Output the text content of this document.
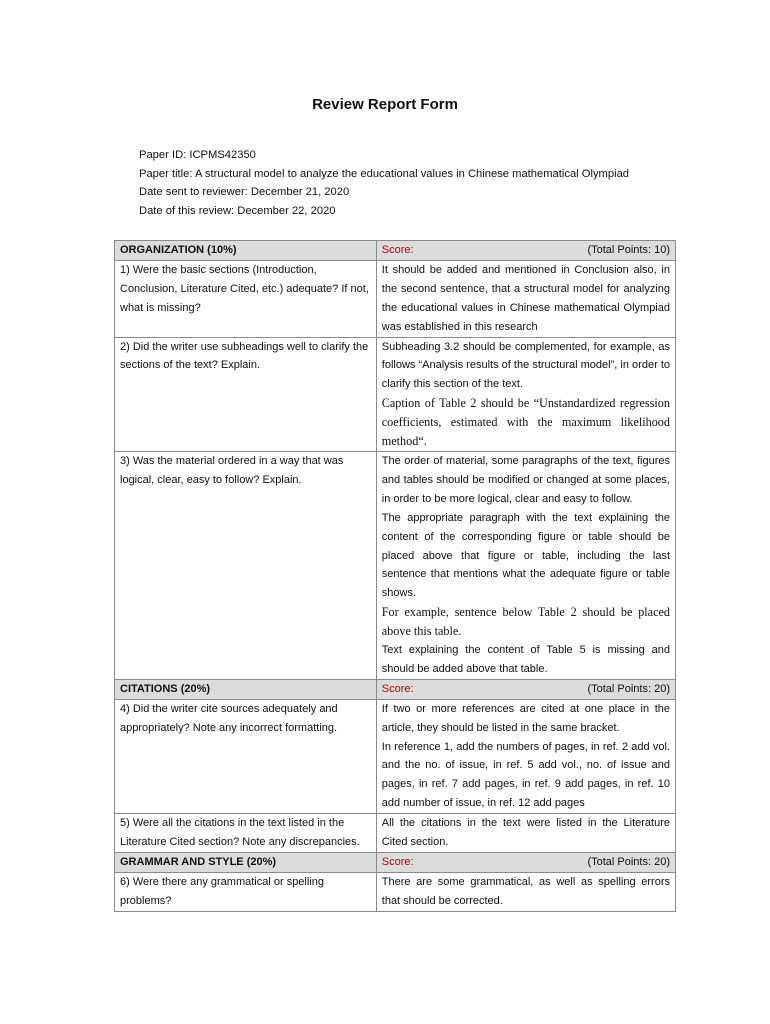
Review Report Form
Paper ID: ICPMS42350
Paper title: A structural model to analyze the educational values in Chinese mathematical Olympiad
Date sent to reviewer: December 21, 2020
Date of this review: December 22, 2020
ORGANIZATION (10%)	Score: (Total Points: 10)

1) Were the basic sections (Introduction, Conclusion, Literature Cited, etc.) adequate? If not, what is missing?	It should be added and mentioned in Conclusion also, in the second sentence, that a structural model for analyzing the educational values in Chinese mathematical Olympiad was established in this research
2) Did the writer use subheadings well to clarify the sections of the text? Explain.	Subheading 3.2 should be complemented, for example, as follows “Analysis results of the structural model”, in order to clarify this section of the text.
Caption of Table 2 should be “Unstandardized regression coefficients, estimated with the maximum likelihood method“.

3) Was the material ordered in a way that was logical, clear, easy to follow? Explain.	The order of material, some paragraphs of the text, figures and tables should be modified or changed at some places, in order to be more logical, clear and easy to follow.
The appropriate paragraph with the text explaining the content of the corresponding figure or table should be placed above that figure or table, including the last sentence that mentions what the adequate figure or table shows.
For example, sentence below Table 2 should be placed above this table.
Text explaining the content of Table 5 is missing and should be added above that table.

CITATIONS (20%)	Score: (Total Points: 20)

4) Did the writer cite sources adequately and appropriately? Note any incorrect formatting.	If two or more references are cited at one place in the article, they should be listed in the same bracket.
In reference 1, add the numbers of pages, in ref. 2 add vol. and the no. of issue, in ref. 5 add vol., no. of issue and pages, in ref. 7 add pages, in ref. 9 add pages, in ref. 10 add number of issue, in ref. 12 add pages

5) Were all the citations in the text listed in the Literature Cited section? Note any discrepancies.	All the citations in the text were listed in the Literature Cited section.
GRAMMAR AND STYLE (20%)	Score: (Total Points: 20)

6) Were there any grammatical or spelling problems?	There are some grammatical, as well as spelling errors that should be corrected.
